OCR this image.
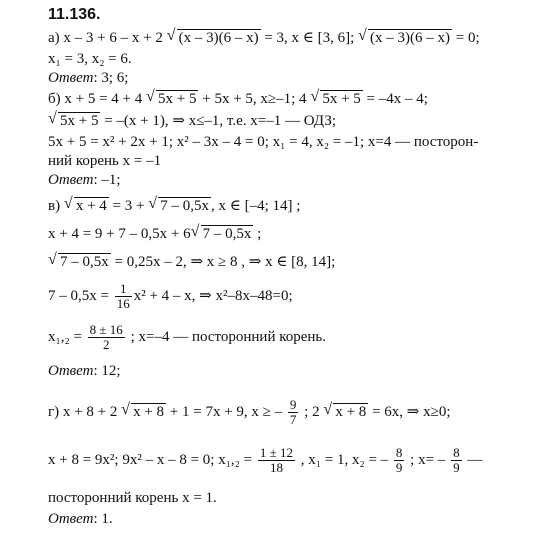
11.136.
а) x – 3 + 6 – x + 2 √ (x – 3)(6 – x) = 3, x ∈ [3, 6]; √ (x – 3)(6 – x) = 0;
x₁ = 3, x₂ = 6.
Ответ: 3; 6;
б) x + 5 = 4 + 4 √ 5x + 5 + 5x + 5, x≥–1; 4 √ 5x + 5 = –4x – 4;
√ 5x + 5 = –(x + 1), ⇒ x≤–1, т.е. x=–1 — ОДЗ;
5x + 5 = x² + 2x + 1; x² – 3x – 4 = 0; x₁ = 4, x₂ = –1; x=4 — посторон-
ний корень x = –1
Ответ: –1;
в) √ x + 4 = 3 + √ 7 – 0,5x , x ∈ [–4; 14] ;
x + 4 = 9 + 7 – 0,5x + 6√ 7 – 0,5x ;
√ 7 – 0,5x = 0,25x – 2, ⇒ x ≥ 8 , ⇒ x ∈ [8, 14];
$7 - 0,5x = \frac{1}{16} x^2 + 4 - x$, ⇒ x²–8x–48=0;
$x_1,_2 = \frac{8 \pm 16}{2}$ ; x=–4 — посторонний корень.
Ответ: 12;
г) x + 8 + 2 √ x + 8 + 1 = 7x + 9, x ≥ – $\frac{9}{7}$ ; 2 √ x + 8 = 6x, ⇒ x≥0;
x + 8 = 9x²; 9x² – x – 8 = 0; $x_1,_2 = \frac{1 \pm 12}{18}$ , x₁ = 1, x₂ = – $\frac{8}{9}$ ; $x= - \frac{8}{9}$ —
посторонний корень x = 1.
Ответ: 1.
